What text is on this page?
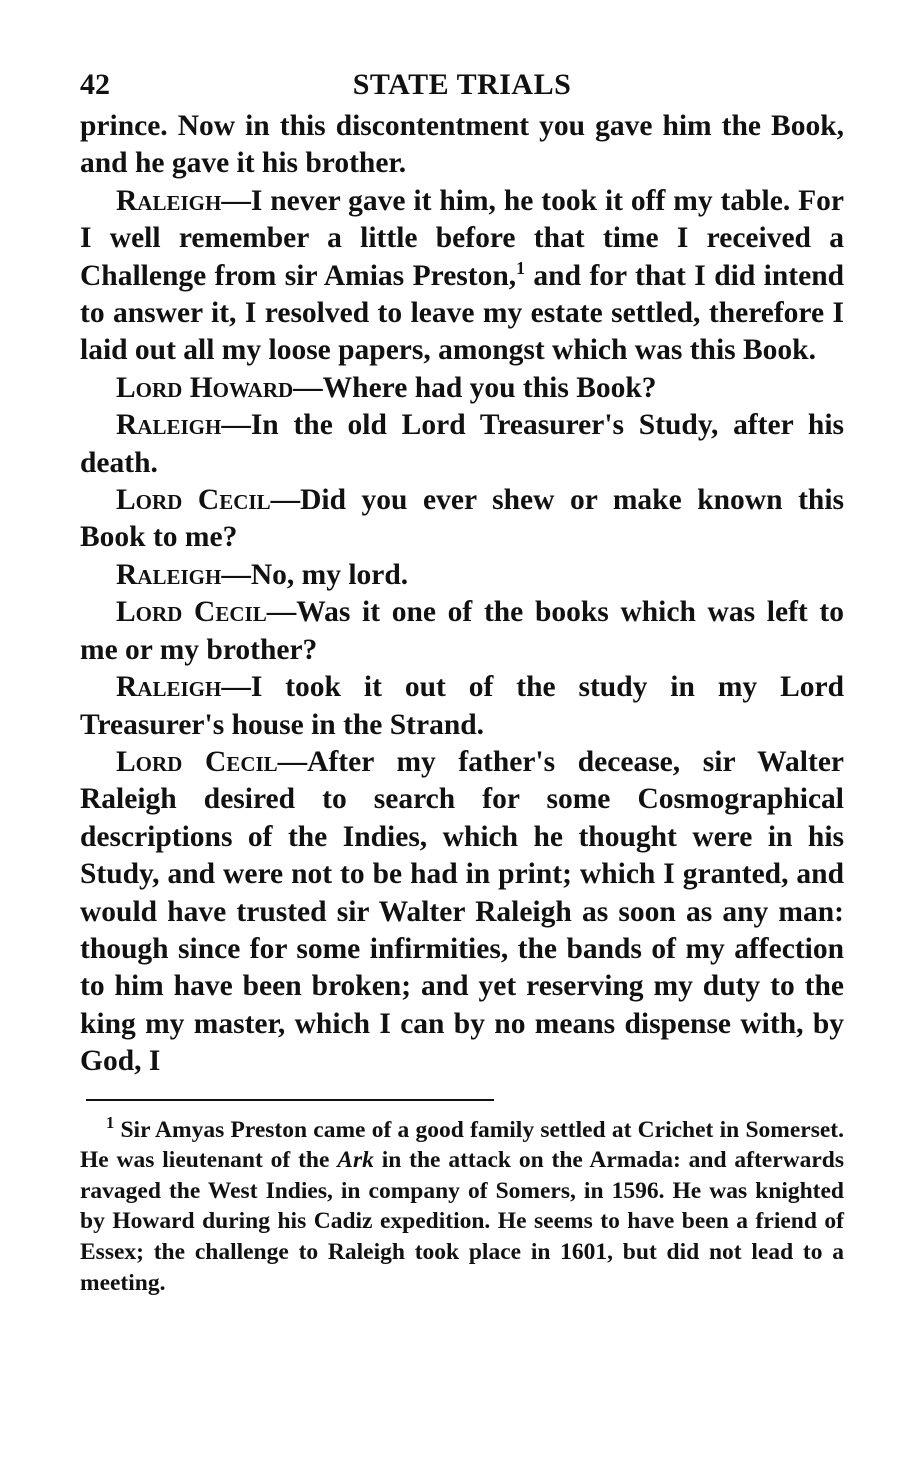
42	STATE TRIALS

prince. Now in this discontentment you gave him the Book, and he gave it his brother.

Raleigh—I never gave it him, he took it off my table. For I well remember a little before that time I received a Challenge from sir Amias Preston,$^1$ and for that I did intend to answer it, I resolved to leave my estate settled, therefore I laid out all my loose papers, amongst which was this Book.

Lord Howard—Where had you this Book?

Raleigh—In the old Lord Treasurer's Study, after his death.

Lord Cecil—Did you ever shew or make known this Book to me?

Raleigh—No, my lord.

Lord Cecil—Was it one of the books which was left to me or my brother?

Raleigh—I took it out of the study in my Lord Treasurer's house in the Strand.

Lord Cecil—After my father's decease, sir Walter Raleigh desired to search for some Cosmographical descriptions of the Indies, which he thought were in his Study, and were not to be had in print; which I granted, and would have trusted sir Walter Raleigh as soon as any man: though since for some infirmities, the bands of my affection to him have been broken; and yet reserving my duty to the king my master, which I can by no means dispense with, by God, I

$^1$ Sir Amyas Preston came of a good family settled at Crichet in Somerset. He was lieutenant of the Ark in the attack on the Armada: and afterwards ravaged the West Indies, in company of Somers, in 1596. He was knighted by Howard during his Cadiz expedition. He seems to have been a friend of Essex; the challenge to Raleigh took place in 1601, but did not lead to a meeting.
